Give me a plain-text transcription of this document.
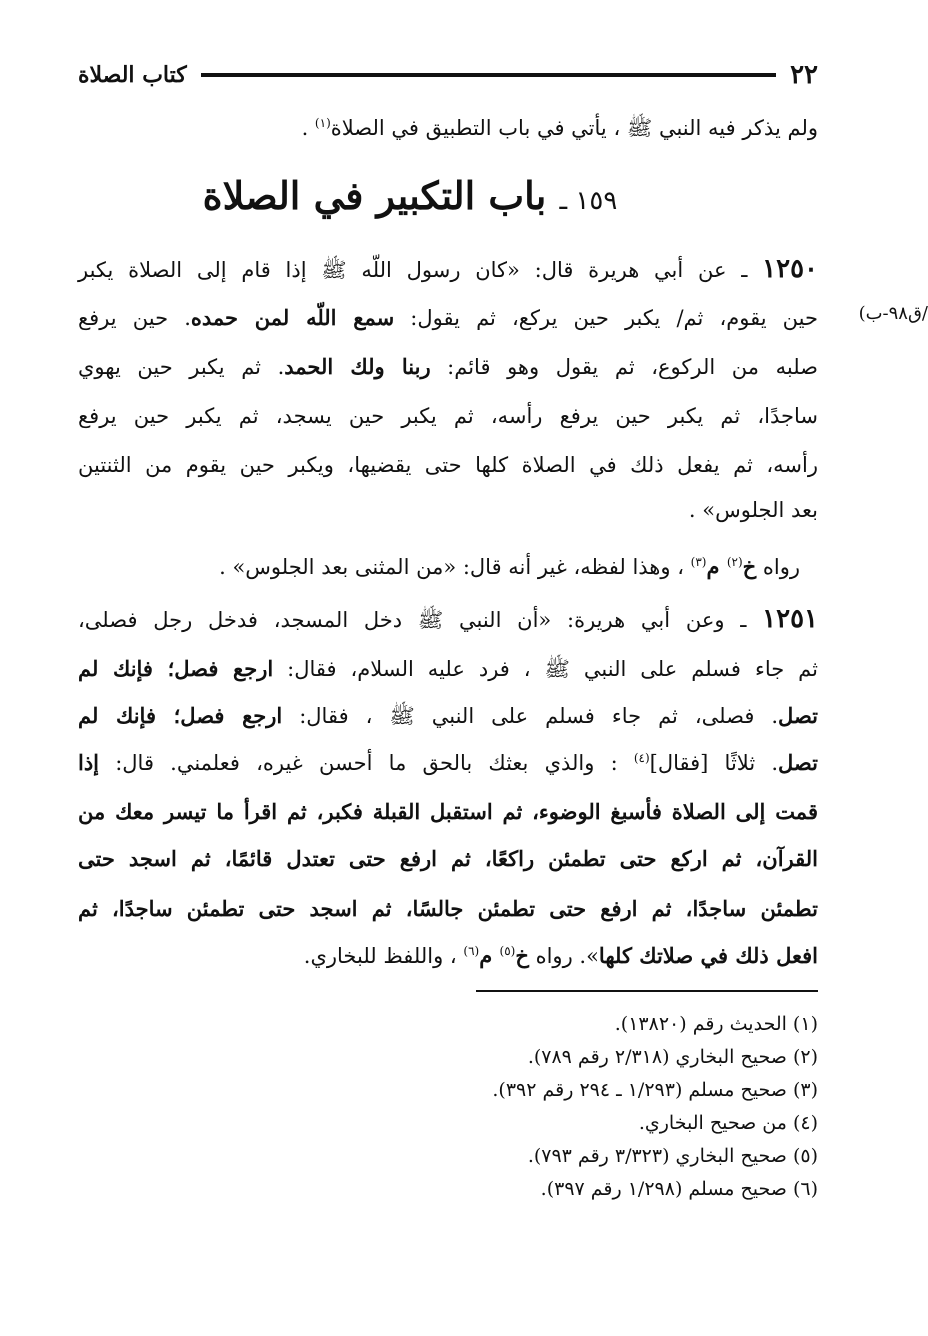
٢٢
كتاب الصلاة
ولم يذكر فيه النبي ﷺ ، يأتي في باب التطبيق في الصلاة$^{(١)}$ .
١٥٩ ـ باب التكبير في الصلاة
/ق٩٨-ب)
١٢٥٠ ـ عن أبي هريرة قال: «كان رسول اللّه ﷺ إذا قام إلى الصلاة يكبر
حين يقوم، ثم/ يكبر حين يركع، ثم يقول: سمع اللّه لمن حمده. حين يرفع
صلبه من الركوع، ثم يقول وهو قائم: ربنا ولك الحمد. ثم يكبر حين يهوي
ساجدًا، ثم يكبر حين يرفع رأسه، ثم يكبر حين يسجد، ثم يكبر حين يرفع
رأسه، ثم يفعل ذلك في الصلاة كلها حتى يقضيها، ويكبر حين يقوم من الثنتين
بعد الجلوس» .
رواه خ$^{(٢)}$ م$^{(٣)}$ ، وهذا لفظه، غير أنه قال: «من المثنى بعد الجلوس» .
١٢٥١ ـ وعن أبي هريرة: «أن النبي ﷺ دخل المسجد، فدخل رجل فصلى،
ثم جاء فسلم على النبي ﷺ ، فرد عليه السلام، فقال: ارجع فصل؛ فإنك لم
تصل. فصلى، ثم جاء فسلم على النبي ﷺ ، فقال: ارجع فصل؛ فإنك لم
تصل. ثلاثًا [فقال]$^{(٤)}$ : والذي بعثك بالحق ما أحسن غيره، فعلمني. قال: إذا
قمت إلى الصلاة فأسبغ الوضوء، ثم استقبل القبلة فكبر، ثم اقرأ ما تيسر معك من
القرآن، ثم اركع حتى تطمئن راكعًا، ثم ارفع حتى تعتدل قائمًا، ثم اسجد حتى
تطمئن ساجدًا، ثم ارفع حتى تطمئن جالسًا، ثم اسجد حتى تطمئن ساجدًا، ثم
افعل ذلك في صلاتك كلها». رواه خ$^{(٥)}$ م$^{(٦)}$ ، واللفظ للبخاري.
(١) الحديث رقم (١٣٨٢٠).
(٢) صحيح البخاري (٢/٣١٨ رقم ٧٨٩).
(٣) صحيح مسلم (١/٢٩٣ ـ ٢٩٤ رقم ٣٩٢).
(٤) من صحيح البخاري.
(٥) صحيح البخاري (٣/٣٢٣ رقم ٧٩٣).
(٦) صحيح مسلم (١/٢٩٨ رقم ٣٩٧).
